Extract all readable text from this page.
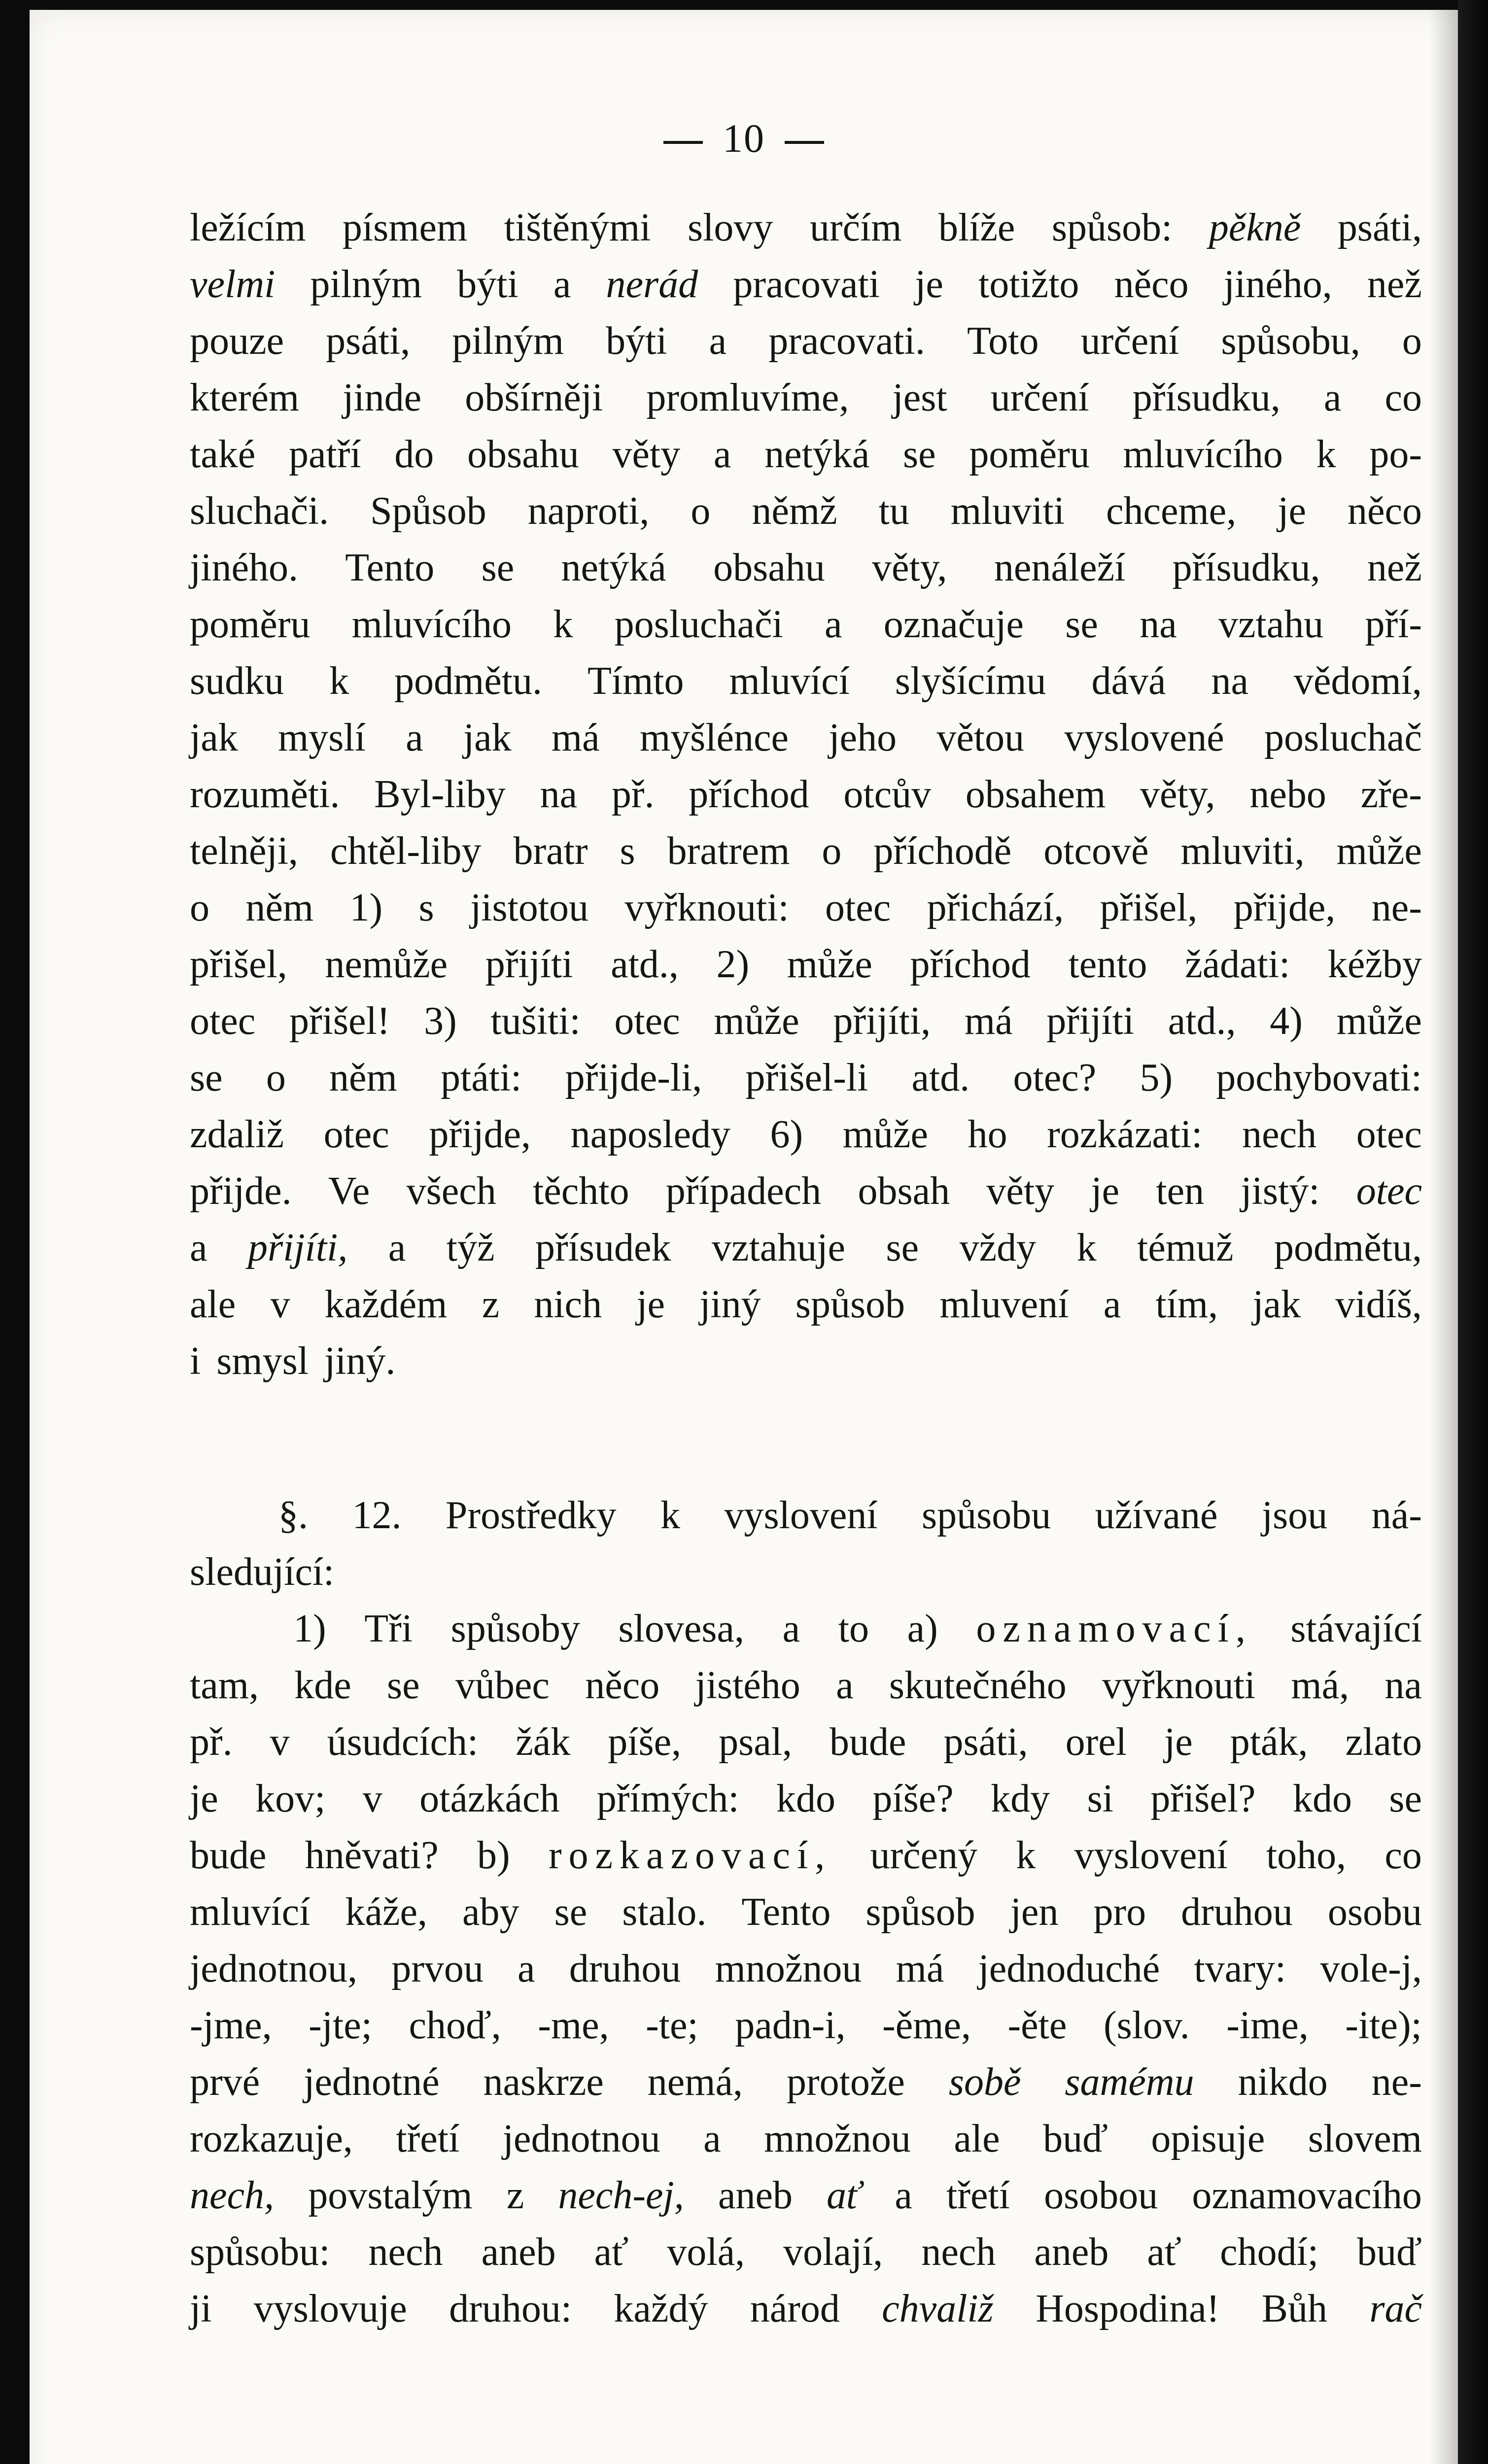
10
ležícím písmem tištěnými slovy určím blíže spůsob: pěkně psáti,
velmi pilným býti a nerád pracovati je totižto něco jiného, než
pouze psáti, pilným býti a pracovati. Toto určení spůsobu, o
kterém jinde obšírněji promluvíme, jest určení přísudku, a co
také patří do obsahu věty a netýká se poměru mluvícího k po-
sluchači. Spůsob naproti, o němž tu mluviti chceme, je něco
jiného. Tento se netýká obsahu věty, nenáleží přísudku, než
poměru mluvícího k posluchači a označuje se na vztahu pří-
sudku k podmětu. Tímto mluvící slyšícímu dává na vědomí,
jak myslí a jak má myšlénce jeho větou vyslovené posluchač
rozuměti. Byl-liby na př. příchod otcův obsahem věty, nebo zře-
telněji, chtěl-liby bratr s bratrem o příchodě otcově mluviti, může
o něm 1) s jistotou vyřknouti: otec přichází, přišel, přijde, ne-
přišel, nemůže přijíti atd., 2) může příchod tento žádati: kéžby
otec přišel! 3) tušiti: otec může přijíti, má přijíti atd., 4) může
se o něm ptáti: přijde-li, přišel-li atd. otec? 5) pochybovati:
zdaliž otec přijde, naposledy 6) může ho rozkázati: nech otec
přijde. Ve všech těchto případech obsah věty je ten jistý: otec
a přijíti, a týž přísudek vztahuje se vždy k témuž podmětu,
ale v každém z nich je jiný spůsob mluvení a tím, jak vidíš,
i smysl jiný.
§. 12. Prostředky k vyslovení spůsobu užívané jsou ná-
sledující:
1) Tři spůsoby slovesa, a to a) oznamovací, stávající
tam, kde se vůbec něco jistého a skutečného vyřknouti má, na
př. v úsudcích: žák píše, psal, bude psáti, orel je pták, zlato
je kov; v otázkách přímých: kdo píše? kdy si přišel? kdo se
bude hněvati? b) rozkazovací, určený k vyslovení toho, co
mluvící káže, aby se stalo. Tento spůsob jen pro druhou osobu
jednotnou, prvou a druhou množnou má jednoduché tvary: vole-j,
-jme, -jte; choď, -me, -te; padn-i, -ěme, -ěte (slov. -ime, -ite);
prvé jednotné naskrze nemá, protože sobě samému nikdo ne-
rozkazuje, třetí jednotnou a množnou ale buď opisuje slovem
nech, povstalým z nech-ej, aneb ať a třetí osobou oznamovacího
spůsobu: nech aneb ať volá, volají, nech aneb ať chodí; buď
ji vyslovuje druhou: každý národ chvaliž Hospodina! Bůh rač
